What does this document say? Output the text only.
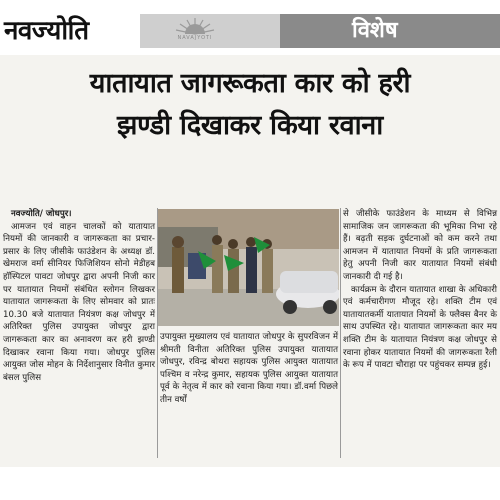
नवज्योति	NAVAJYOTI	विशेष
यातायात जागरूकता कार को हरी
झण्डी दिखाकर किया रवाना

नवज्योति/ जोधपुर।

आमजन एवं वाहन चालकों को यातायात नियमों की जानकारी व जागरूकता का प्रचार-प्रसार के लिए जीसीके फाउंडेशन के अध्यक्ष डॉ. खेमराज वर्मा सीनियर फिजिशियन सोनो मेडीहब हॉस्पिटल पावटा जोधपुर द्वारा अपनी निजी कार पर यातायात नियमों संबंधित स्लोगन लिखकर यातायात जागरूकता के लिए सोमवार को प्रातः 10.30 बजे यातायात नियंत्रण कक्ष जोधपुर में अतिरिक्त पुलिस उपायुक्त जोधपुर द्वारा जागरूकता कार का अनावरण कर हरी झण्डी दिखाकर रवाना किया गया। जोधपुर पुलिस आयुक्त जोस मोहन के निर्देशानुसार विनीत कुमार बंसल पुलिस

उपायुक्त मुख्यालय एवं यातायात जोधपुर के सुपरविजन में श्रीमती विनीता अतिरिक्त पुलिस उपायुक्त यातायात जोधपुर, रविन्द्र बोथरा सहायक पुलिस आयुक्त यातायात पश्चिम व नरेन्द्र कुमार, सहायक पुलिस आयुक्त यातायात पूर्व के नेतृत्व में कार को रवाना किया गया। डॉ.वर्मा पिछले तीन वर्षों

से जीसीके फाउंडेशन के माध्यम से विभिन्न सामाजिक जन जागरूकता की भूमिका निभा रहे हैं। बढ़ती सड़क दुर्घटनाओं को कम करने तथा आमजन में यातायात नियमों के प्रति जागरूकता हेतु अपनी निजी कार यातायात नियमों संबंधी जानकारी दी गई है।

कार्यक्रम के दौरान यातायात शाखा के अधिकारी एवं कर्मचारीगण मौजूद रहे। शक्ति टीम एवं यातायातकर्मी यातायात नियमों के फ्लैक्स बैनर के साथ उपस्थित रहे। यातायात जागरूकता कार मय शक्ति टीम के यातायात नियंत्रण कक्ष जोधपुर से रवाना होकर यातायात नियमों की जागरूकता रैली के रूप में पावटा चौराहा पर पहुंचकर सम्पन्न हुई।
